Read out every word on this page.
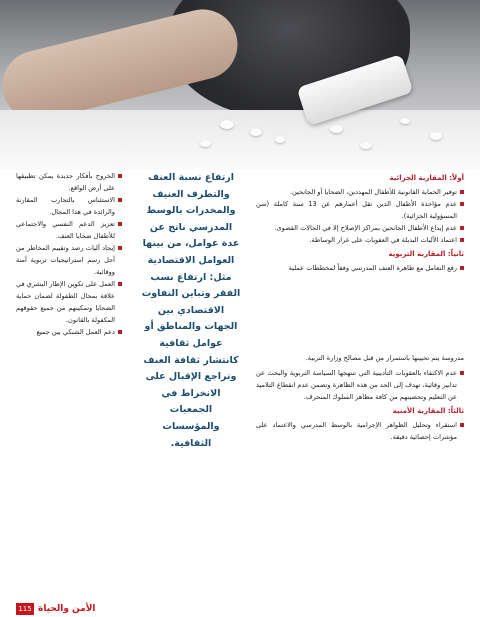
أولاً: المقاربة الجزائية
توفير الحماية القانونية للأطفال المهددين، الضحايا أو الجانحين.
عدم مؤاخذة الأطفال الذين تقل أعمارهم عن 13 سنة كاملة (سن المسؤولية الجزائية).
عدم إيداع الأطفال الجانحين بمراكز الإصلاح إلا في الحالات القصوى.
اعتماد الآليات البديلة في العقوبات على غرار الوساطة.
ثانياً: المقاربة التربوية
رفع التعامل مع ظاهرة العنف المدرسي وفقاً لمخططات عملية
ارتفاع نسبة العنف والتطرف العنيف والمخدرات بالوسط المدرسي ناتج عن عدة عوامل، من بينها العوامل الاقتصادية مثل: ارتفاع نسب الفقر وتباين التفاوت الاقتصادي بين الجهات والمناطق أو عوامل ثقافية كانتشار ثقافة العنف وتراجع الإقبال على الانخراط في الجمعيات والمؤسسات الثقافية.
الخروج بأفكار جديدة يمكن تطبيقها على أرض الواقع.
الاستئناس بالتجارب المقارنة والرائدة في هذا المجال.
تعزيز الدعم النفسي والاجتماعي للأطفال ضحايا العنف.
إيجاد آليات رصد وتقييم المخاطر من أجل رسم استراتيجيات تربوية آمنة ووقائية.
العمل على تكوين الإطار البشري في علاقة بمجال الطفولة لضمان حماية الضحايا وتمكينهم من جميع حقوقهم المكفولة بالقانون.
دعم العمل الشبكي بين جميع

مدروسة يتم تحيينها باستمرار من قبل مصالح وزارة التربية.

عدم الاكتفاء بالعقوبات التأديبية التي تنتهجها السياسة التربوية والبحث عن تدابير وقائية، تهدف إلى الحد من هذه الظاهرة وتضمن عدم انقطاع التلاميذ عن التعليم وتحصينهم من كافة مظاهر السلوك المنحرف.
ثالثاً: المقاربة الأمنية
استقراء وتحليل الظواهر الإجرامية بالوسط المدرسي والاعتماد على مؤشرات إحصائية دقيقة.
115 الأمن والحياة
